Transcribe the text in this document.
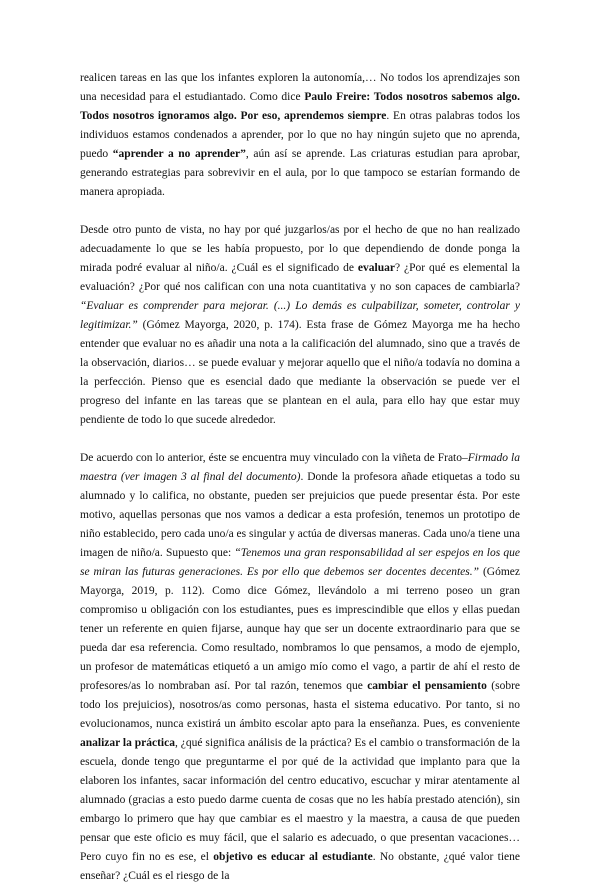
realicen tareas en las que los infantes exploren la autonomía,… No todos los aprendizajes son una necesidad para el estudiantado. Como dice Paulo Freire: Todos nosotros sabemos algo. Todos nosotros ignoramos algo. Por eso, aprendemos siempre. En otras palabras todos los individuos estamos condenados a aprender, por lo que no hay ningún sujeto que no aprenda, puedo “aprender a no aprender”, aún así se aprende. Las criaturas estudian para aprobar, generando estrategias para sobrevivir en el aula, por lo que tampoco se estarían formando de manera apropiada.

Desde otro punto de vista, no hay por qué juzgarlos/as por el hecho de que no han realizado adecuadamente lo que se les había propuesto, por lo que dependiendo de donde ponga la mirada podré evaluar al niño/a. ¿Cuál es el significado de evaluar? ¿Por qué es elemental la evaluación? ¿Por qué nos califican con una nota cuantitativa y no son capaces de cambiarla? “Evaluar es comprender para mejorar. (...) Lo demás es culpabilizar, someter, controlar y legitimizar.” (Gómez Mayorga, 2020, p. 174). Esta frase de Gómez Mayorga me ha hecho entender que evaluar no es añadir una nota a la calificación del alumnado, sino que a través de la observación, diarios… se puede evaluar y mejorar aquello que el niño/a todavía no domina a la perfección. Pienso que es esencial dado que mediante la observación se puede ver el progreso del infante en las tareas que se plantean en el aula, para ello hay que estar muy pendiente de todo lo que sucede alrededor.

De acuerdo con lo anterior, éste se encuentra muy vinculado con la viñeta de Frato–Firmado la maestra (ver imagen 3 al final del documento). Donde la profesora añade etiquetas a todo su alumnado y lo califica, no obstante, pueden ser prejuicios que puede presentar ésta. Por este motivo, aquellas personas que nos vamos a dedicar a esta profesión, tenemos un prototipo de niño establecido, pero cada uno/a es singular y actúa de diversas maneras. Cada uno/a tiene una imagen de niño/a. Supuesto que: “Tenemos una gran responsabilidad al ser espejos en los que se miran las futuras generaciones. Es por ello que debemos ser docentes decentes.” (Gómez Mayorga, 2019, p. 112). Como dice Gómez, llevándolo a mi terreno poseo un gran compromiso u obligación con los estudiantes, pues es imprescindible que ellos y ellas puedan tener un referente en quien fijarse, aunque hay que ser un docente extraordinario para que se pueda dar esa referencia. Como resultado, nombramos lo que pensamos, a modo de ejemplo, un profesor de matemáticas etiquetó a un amigo mío como el vago, a partir de ahí el resto de profesores/as lo nombraban así. Por tal razón, tenemos que cambiar el pensamiento (sobre todo los prejuicios), nosotros/as como personas, hasta el sistema educativo. Por tanto, si no evolucionamos, nunca existirá un ámbito escolar apto para la enseñanza. Pues, es conveniente analizar la práctica, ¿qué significa análisis de la práctica? Es el cambio o transformación de la escuela, donde tengo que preguntarme el por qué de la actividad que implanto para que la elaboren los infantes, sacar información del centro educativo, escuchar y mirar atentamente al alumnado (gracias a esto puedo darme cuenta de cosas que no les había prestado atención), sin embargo lo primero que hay que cambiar es el maestro y la maestra, a causa de que pueden pensar que este oficio es muy fácil, que el salario es adecuado, o que presentan vacaciones… Pero cuyo fin no es ese, el objetivo es educar al estudiante. No obstante, ¿qué valor tiene enseñar? ¿Cuál es el riesgo de la
